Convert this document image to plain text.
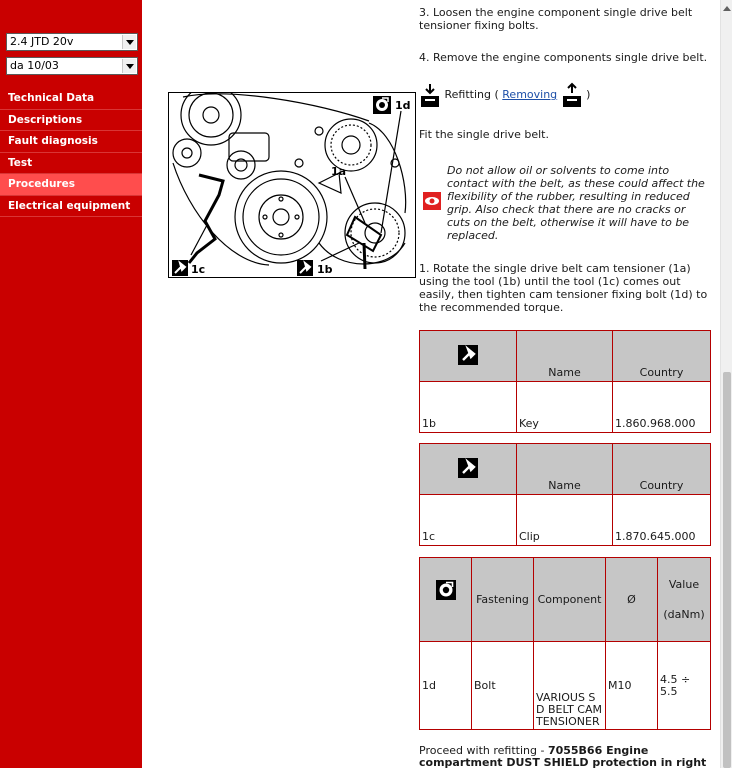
2.4 JTD 20v
da 10/03
Technical Data
Descriptions
Fault diagnosis
Test
Procedures
Electrical equipment
1a
1d
1c	1b
3. Loosen the engine component single drive belt tensioner fixing bolts.
4. Remove the engine components single drive belt.
Refitting ( Removing	)
Fit the single drive belt.
Do not allow oil or solvents to come into contact with the belt, as these could affect the flexibility of the rubber, resulting in reduced grip. Also check that there are no cracks or cuts on the belt, otherwise it will have to be replaced.
1. Rotate the single drive belt cam tensioner (1a) using the tool (1b) until the tool (1c) comes out easily, then tighten cam tensioner fixing bolt (1d) to the recommended torque.
	Name	Country
1b	Key	1.860.968.000
	Name	Country
1c	Clip	1.870.645.000
	Fastening	Component	Ø	Value
(daNm)

1d	Bolt	VARIOUS S D BELT CAM TENSIONER	M10	4.5 ÷ 5.5
Proceed with refitting - 7055B66 Engine compartment DUST SHIELD protection in right
